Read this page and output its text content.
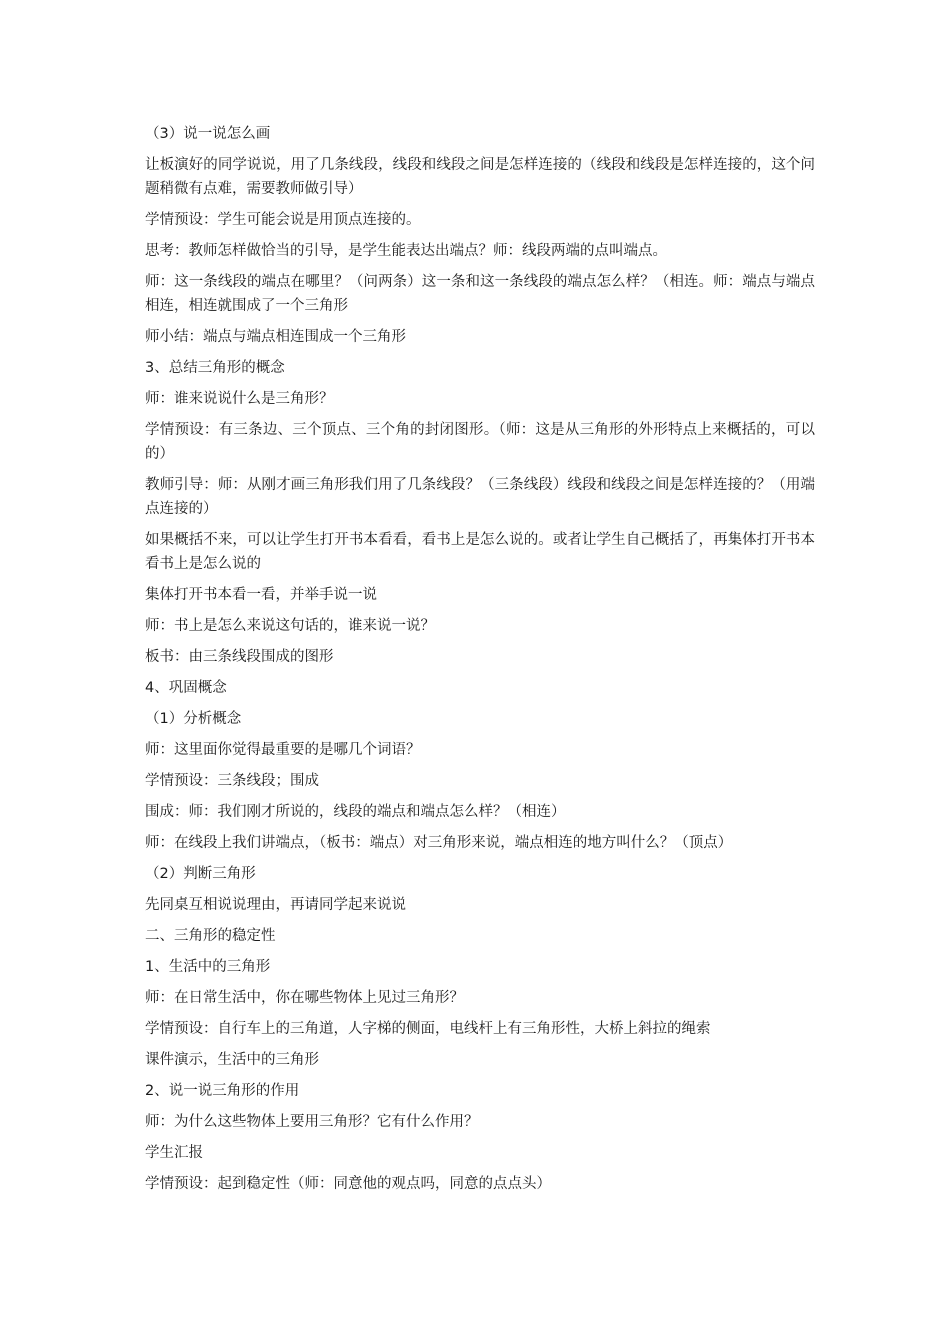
（3）说一说怎么画

让板演好的同学说说，用了几条线段，线段和线段之间是怎样连接的（线段和线段是怎样连接的，这个问题稍微有点难，需要教师做引导）

学情预设：学生可能会说是用顶点连接的。

思考：教师怎样做恰当的引导，是学生能表达出端点？师：线段两端的点叫端点。

师：这一条线段的端点在哪里？（问两条）这一条和这一条线段的端点怎么样？（相连。师：端点与端点相连，相连就围成了一个三角形

师小结：端点与端点相连围成一个三角形

3、总结三角形的概念

师：谁来说说什么是三角形？

学情预设：有三条边、三个顶点、三个角的封闭图形。（师：这是从三角形的外形特点上来概括的，可以的）

教师引导：师：从刚才画三角形我们用了几条线段？（三条线段）线段和线段之间是怎样连接的？（用端点连接的）

如果概括不来，可以让学生打开书本看看，看书上是怎么说的。或者让学生自己概括了，再集体打开书本看书上是怎么说的

集体打开书本看一看，并举手说一说

师：书上是怎么来说这句话的，谁来说一说？

板书：由三条线段围成的图形

4、巩固概念

（1）分析概念

师：这里面你觉得最重要的是哪几个词语？

学情预设：三条线段；围成

围成：师：我们刚才所说的，线段的端点和端点怎么样？（相连）

师：在线段上我们讲端点，（板书：端点）对三角形来说，端点相连的地方叫什么？（顶点）

（2）判断三角形

先同桌互相说说理由，再请同学起来说说

二、三角形的稳定性

1、生活中的三角形

师：在日常生活中，你在哪些物体上见过三角形？

学情预设：自行车上的三角道，人字梯的侧面，电线杆上有三角形性，大桥上斜拉的绳索

课件演示，生活中的三角形

2、说一说三角形的作用

师：为什么这些物体上要用三角形？它有什么作用？

学生汇报

学情预设：起到稳定性（师：同意他的观点吗，同意的点点头）
